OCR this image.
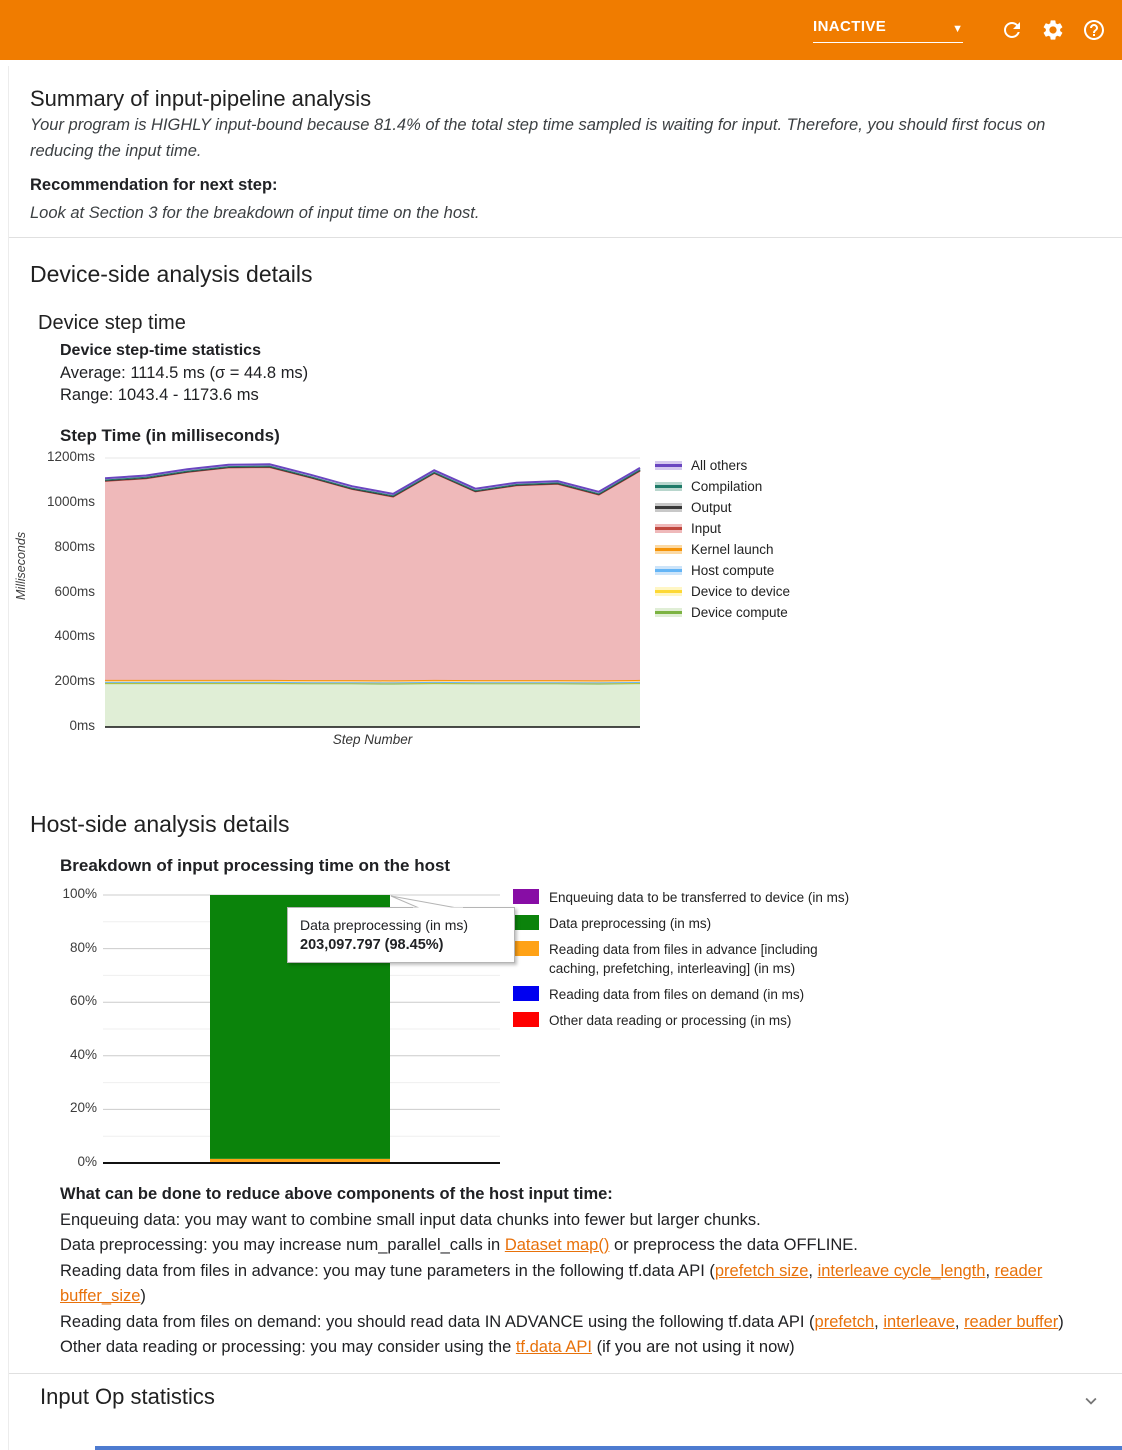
INACTIVE	▼
Summary of input-pipeline analysis

Your program is HIGHLY input-bound because 81.4% of the total step time sampled is waiting for input. Therefore, you should first focus on reducing the input time.

Recommendation for next step:
Look at Section 3 for the breakdown of input time on the host.
Device-side analysis details
Device step time
Device step-time statistics
Average: 1114.5 ms (σ = 44.8 ms)
Range: 1043.4 - 1173.6 ms
Step Time (in milliseconds)
Milliseconds
0ms
200ms
400ms
600ms
800ms
1000ms
1200ms
Step Number
All others
Compilation
Output
Input
Kernel launch
Host compute
Device to device
Device compute
Host-side analysis details
Breakdown of input processing time on the host
0%
20%
40%
60%
80%
100%
Data preprocessing (in ms)
203,097.797 (98.45%)
Enqueuing data to be transferred to device (in ms)
Data preprocessing (in ms)
Reading data from files in advance [including caching, prefetching, interleaving] (in ms)
Reading data from files on demand (in ms)
Other data reading or processing (in ms)
What can be done to reduce above components of the host input time:
Enqueuing data: you may want to combine small input data chunks into fewer but larger chunks.
Data preprocessing: you may increase num_parallel_calls in Dataset map() or preprocess the data OFFLINE.
Reading data from files in advance: you may tune parameters in the following tf.data API (prefetch size, interleave cycle_length, reader buffer_size)
Reading data from files on demand: you should read data IN ADVANCE using the following tf.data API (prefetch, interleave, reader buffer)
Other data reading or processing: you may consider using the tf.data API (if you are not using it now)
Input Op statistics
